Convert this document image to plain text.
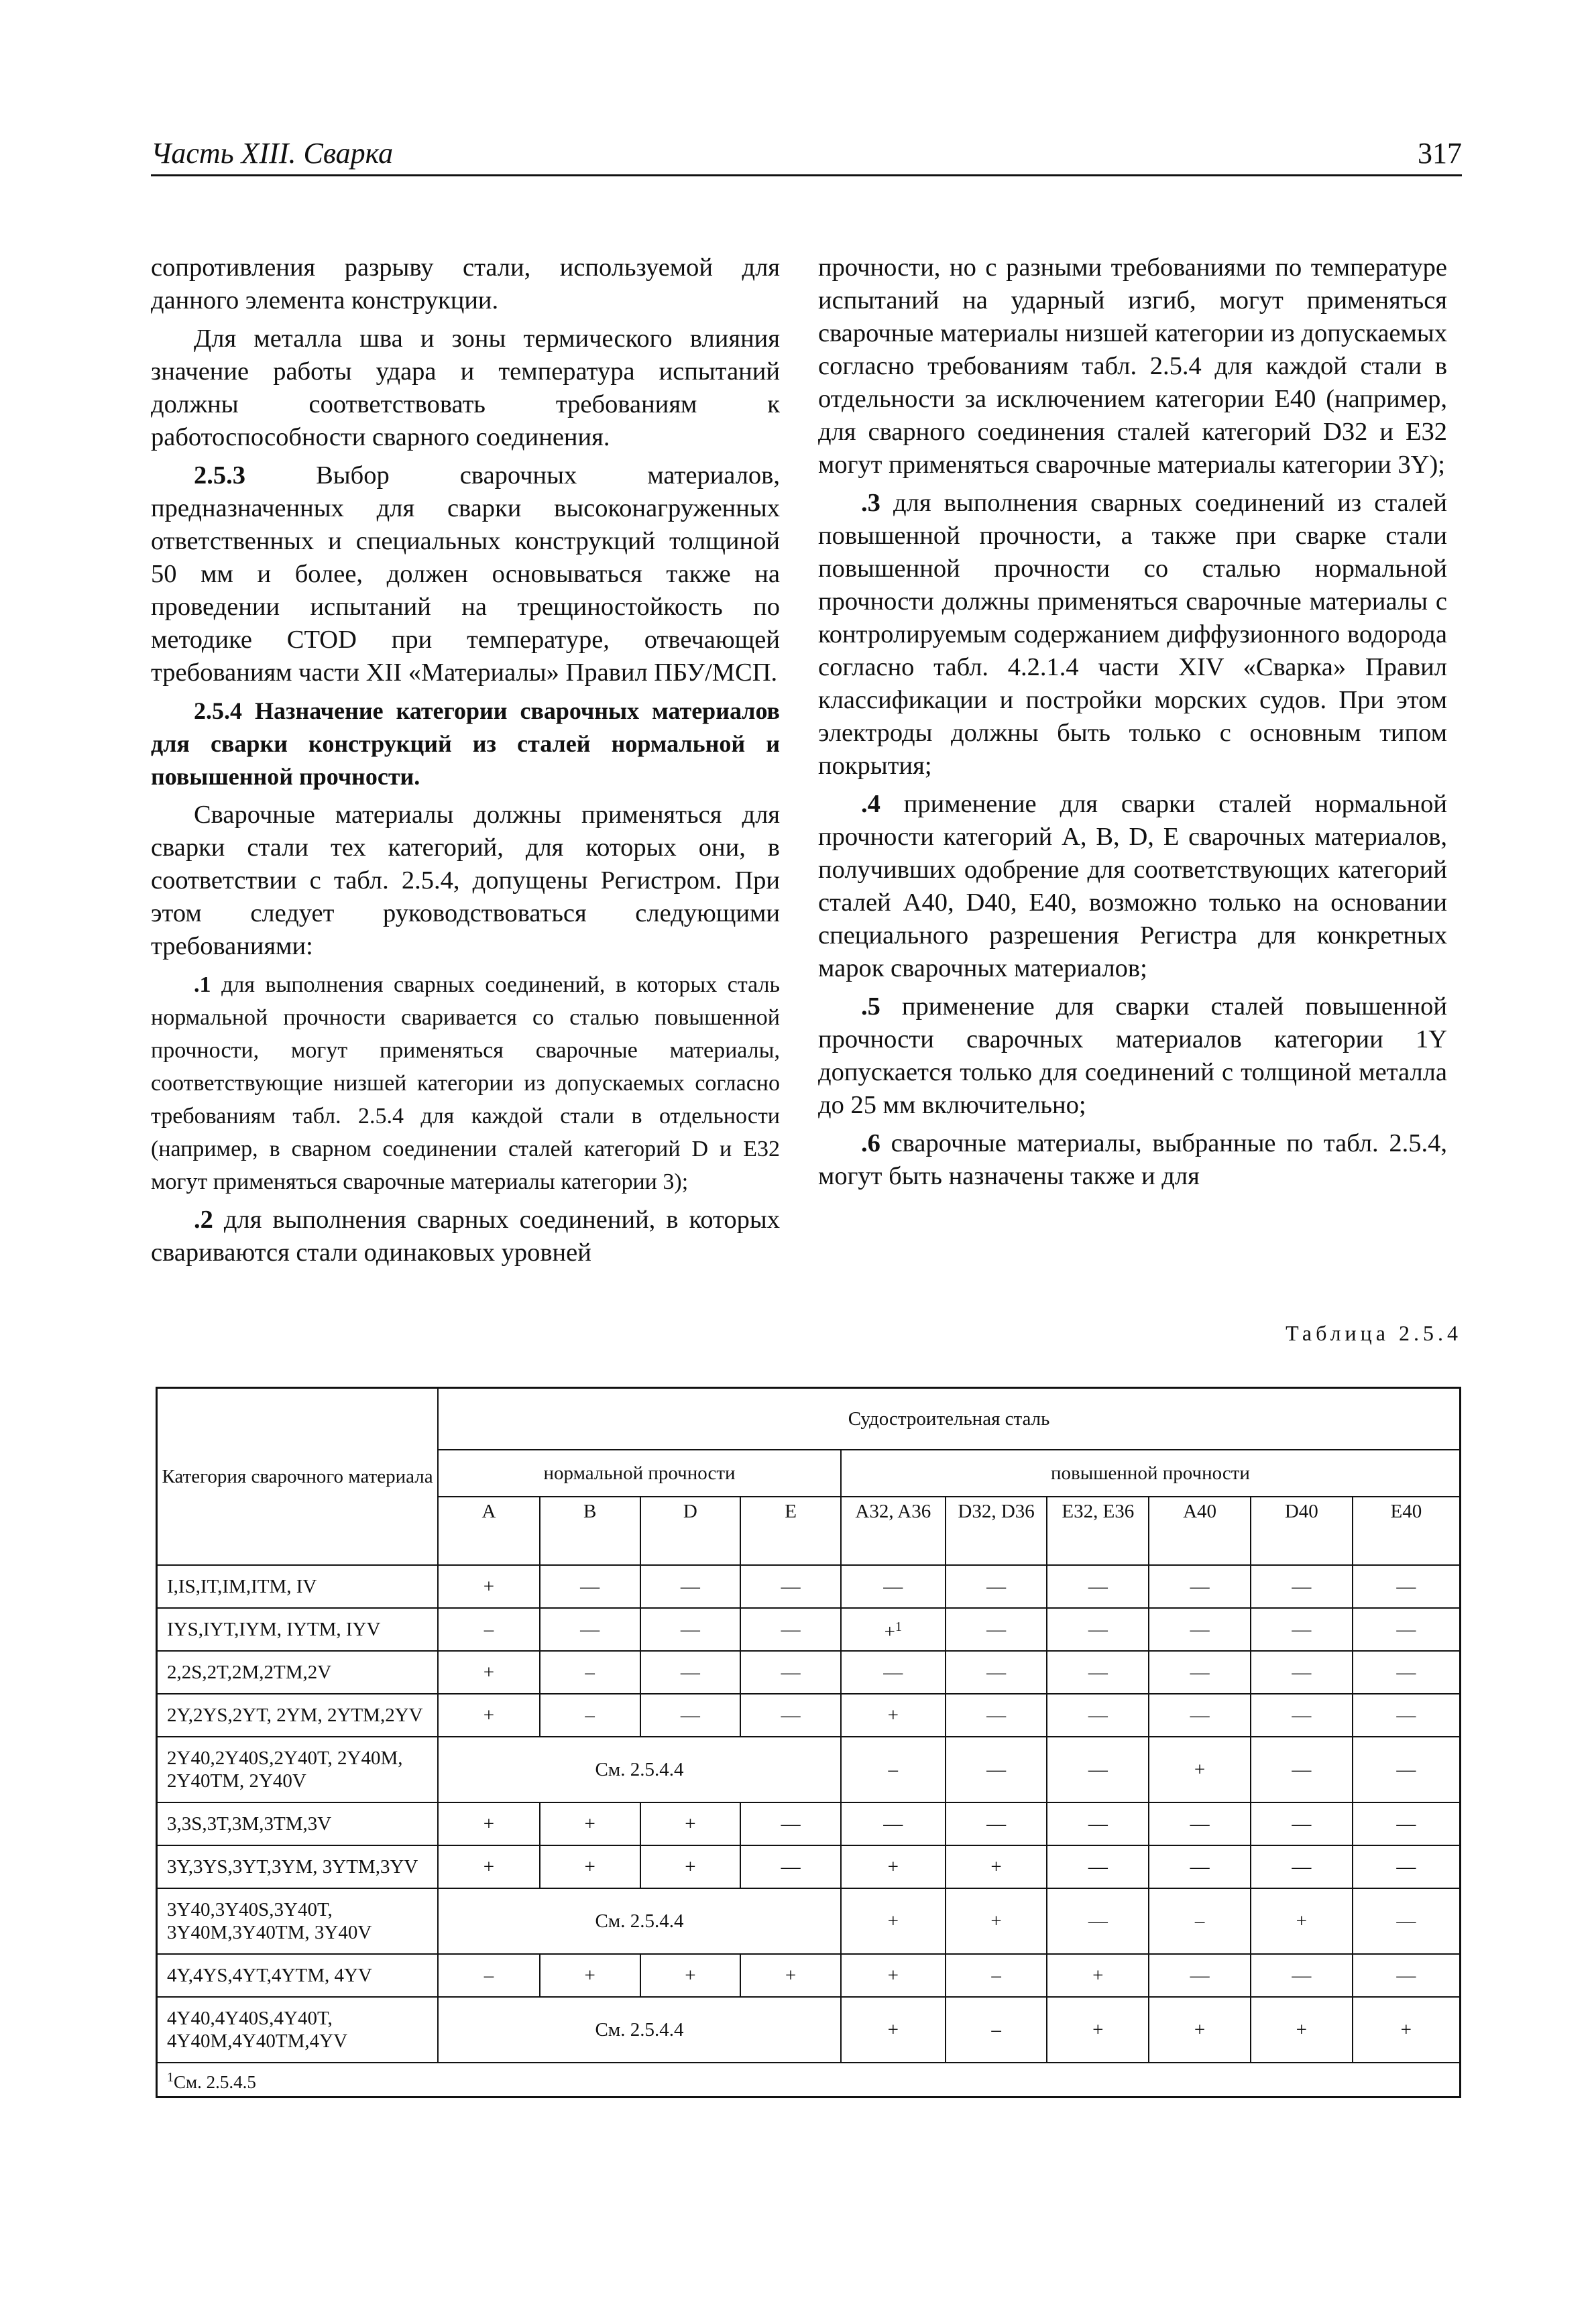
Часть XIII. Сварка	317

сопротивления разрыву стали, используемой для данного элемента конструкции.

Для металла шва и зоны термического влияния значение работы удара и температура испытаний должны соответствовать требованиям к работоспособности сварного соединения.

2.5.3 Выбор сварочных материалов, предназначенных для сварки высоконагруженных ответственных и специальных конструкций толщиной 50 мм и более, должен основываться также на проведении испытаний на трещиностойкость по методике CTOD при температуре, отвечающей требованиям части XII «Материалы» Правил ПБУ/МСП.

2.5.4 Назначение категории сварочных материалов для сварки конструкций из сталей нормальной и повышенной прочности.

Сварочные материалы должны применяться для сварки стали тех категорий, для которых они, в соответствии с табл. 2.5.4, допущены Регистром. При этом следует руководствоваться следующими требованиями:

.1 для выполнения сварных соединений, в которых сталь нормальной прочности сваривается со сталью повышенной прочности, могут применяться сварочные материалы, соответствующие низшей категории из допускаемых согласно требованиям табл. 2.5.4 для каждой стали в отдельности (например, в сварном соединении сталей категорий D и E32 могут применяться сварочные материалы категории 3);

.2 для выполнения сварных соединений, в которых свариваются стали одинаковых уровней

прочности, но с разными требованиями по температуре испытаний на ударный изгиб, могут применяться сварочные материалы низшей категории из допускаемых согласно требованиям табл. 2.5.4 для каждой стали в отдельности за исключением категории E40 (например, для сварного соединения сталей категорий D32 и E32 могут применяться сварочные материалы категории 3Y);

.3 для выполнения сварных соединений из сталей повышенной прочности, а также при сварке стали повышенной прочности со сталью нормальной прочности должны применяться сварочные материалы с контролируемым содержанием диффузионного водорода согласно табл. 4.2.1.4 части XIV «Сварка» Правил классификации и постройки морских судов. При этом электроды должны быть только с основным типом покрытия;

.4 применение для сварки сталей нормальной прочности категорий A, B, D, E сварочных материалов, получивших одобрение для соответствующих категорий сталей A40, D40, E40, возможно только на основании специального разрешения Регистра для конкретных марок сварочных материалов;

.5 применение для сварки сталей повышенной прочности сварочных материалов категории 1Y допускается только для соединений с толщиной металла до 25 мм включительно;

.6 сварочные материалы, выбранные по табл. 2.5.4, могут быть назначены также и для

Таблица 2.5.4
Категория сварочного материала	Судостроительная сталь									
	нормальной прочности				повышенной прочности					
	A	B	D	E	A32, A36	D32, D36	E32, E36	A40	D40	E40
I,IS,IT,IM,ITM, IV	+	—	—	—	—	—	—	—	—	—
IYS,IYT,IYM, IYTM, IYV	–	—	—	—	+$^1$	—	—	—	—	—
2,2S,2T,2M,2TM,2V	+	–	—	—	—	—	—	—	—	—
2Y,2YS,2YT, 2YM, 2YTM,2YV	+	–	—	—	+	—	—	—	—	—
2Y40,2Y40S,2Y40T, 2Y40M, 2Y40TM, 2Y40V	См. 2.5.4.4				–	—	—	+	—	—
3,3S,3T,3M,3TM,3V	+	+	+	—	—	—	—	—	—	—
3Y,3YS,3YT,3YM, 3YTM,3YV	+	+	+	—	+	+	—	—	—	—
3Y40,3Y40S,3Y40T, 3Y40M,3Y40TM, 3Y40V	См. 2.5.4.4				+	+	—	–	+	—
4Y,4YS,4YT,4YTM, 4YV	–	+	+	+	+	–	+	—	—	—
4Y40,4Y40S,4Y40T, 4Y40M,4Y40TM,4YV	См. 2.5.4.4				+	–	+	+	+	+
$^1$См. 2.5.4.5										
